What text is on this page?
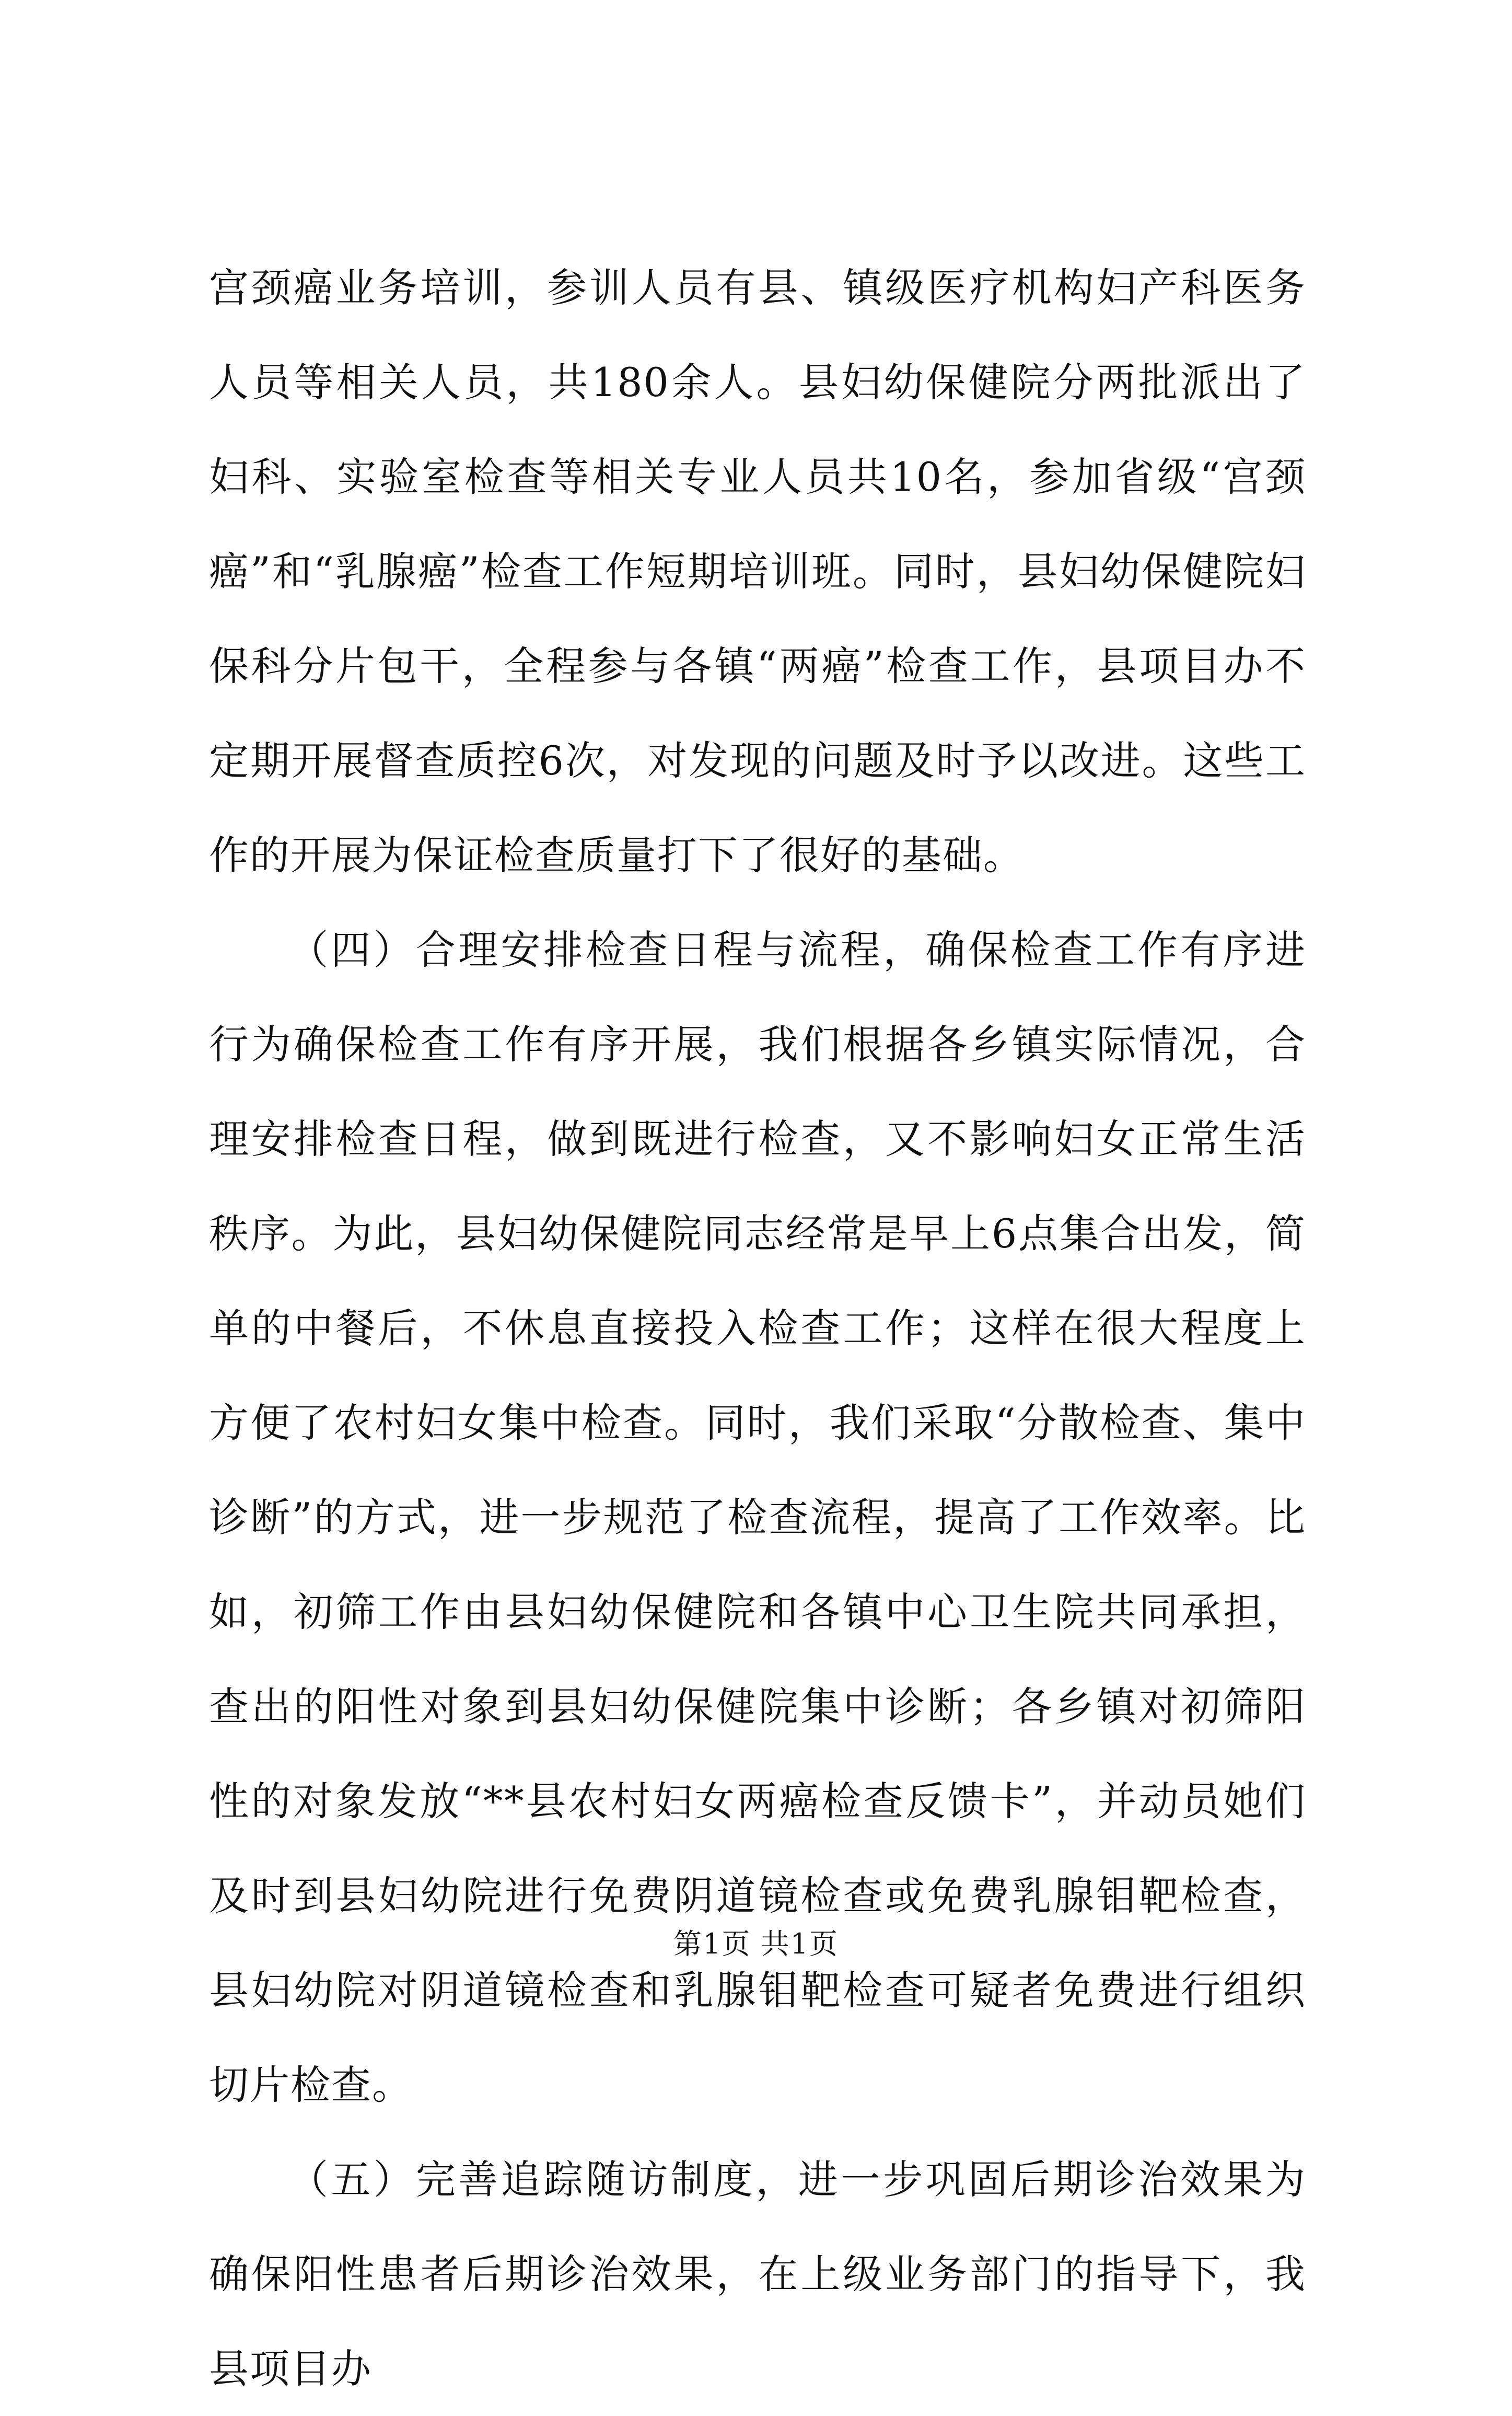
宫颈癌业务培训，参训人员有县、镇级医疗机构妇产科医务人员等相关人员，共180余人。县妇幼保健院分两批派出了妇科、实验室检查等相关专业人员共10名，参加省级“宫颈癌”和“乳腺癌”检查工作短期培训班。同时，县妇幼保健院妇保科分片包干，全程参与各镇“两癌”检查工作，县项目办不定期开展督查质控6次，对发现的问题及时予以改进。这些工作的开展为保证检查质量打下了很好的基础。

（四）合理安排检查日程与流程，确保检查工作有序进行为确保检查工作有序开展，我们根据各乡镇实际情况，合理安排检查日程，做到既进行检查，又不影响妇女正常生活秩序。为此，县妇幼保健院同志经常是早上6点集合出发，简单的中餐后，不休息直接投入检查工作；这样在很大程度上方便了农村妇女集中检查。同时，我们采取“分散检查、集中诊断”的方式，进一步规范了检查流程，提高了工作效率。比如，初筛工作由县妇幼保健院和各镇中心卫生院共同承担，查出的阳性对象到县妇幼保健院集中诊断；各乡镇对初筛阳性的对象发放“**县农村妇女两癌检查反馈卡”，并动员她们及时到县妇幼院进行免费阴道镜检查或免费乳腺钼靶检查，县妇幼院对阴道镜检查和乳腺钼靶检查可疑者免费进行组织切片检查。

（五）完善追踪随访制度，进一步巩固后期诊治效果为确保阳性患者后期诊治效果，在上级业务部门的指导下，我县项目办

第1页 共1页
